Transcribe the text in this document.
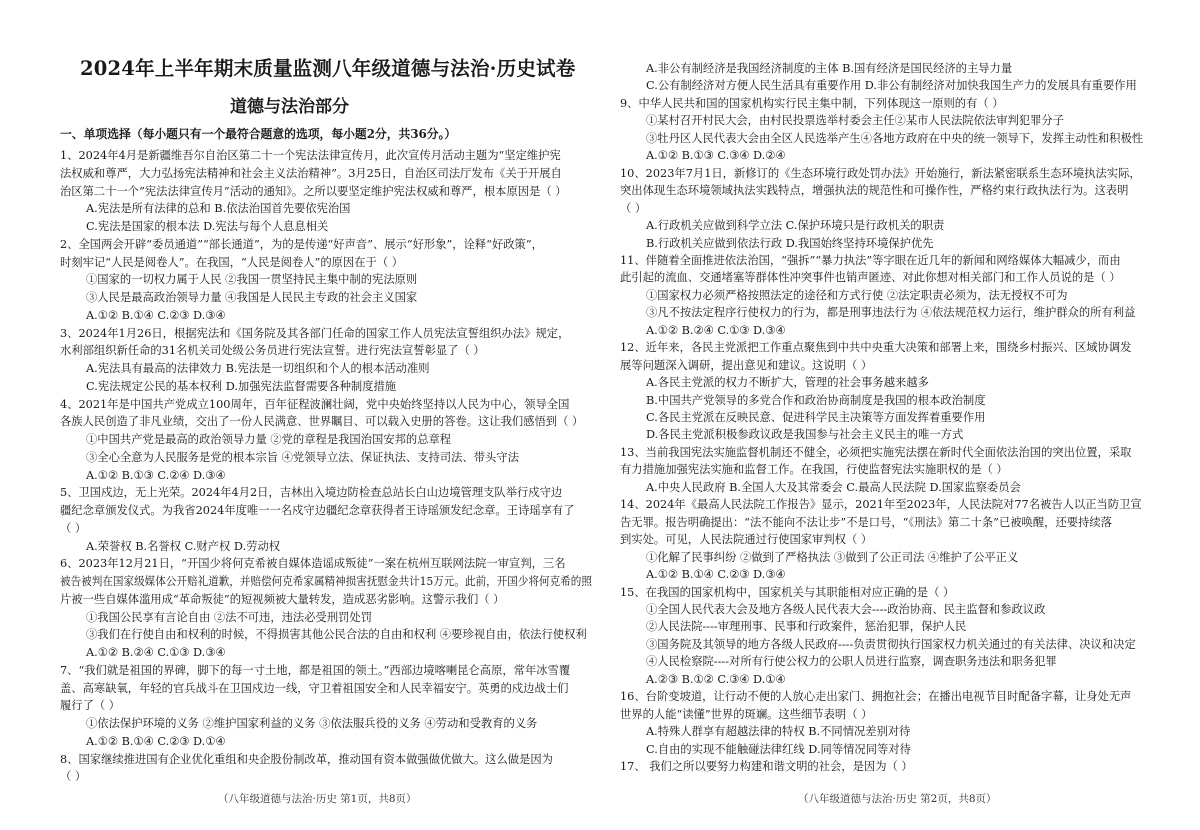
2024年上半年期末质量监测八年级道德与法治·历史试卷
道德与法治部分
一、单项选择（每小题只有一个最符合题意的选项，每小题2分，共36分。）
1、2024年4月是新疆维吾尔自治区第二十一个宪法法律宣传月，此次宣传月活动主题为“坚定维护宪
法权威和尊严，大力弘扬宪法精神和社会主义法治精神”。3月25日，自治区司法厅发布《关于开展自
治区第二十一个”宪法法律宣传月”活动的通知》。之所以要坚定维护宪法权威和尊严，根本原因是（ ）
A.宪法是所有法律的总和 B.依法治国首先要依宪治国
C.宪法是国家的根本法 D.宪法与每个人息息相关
2、全国两会开辟“委员通道”“部长通道”，为的是传递“好声音”、展示“好形象”，诠释“好政策”，
时刻牢记“人民是阅卷人”。在我国，“人民是阅卷人”的原因在于（ ）
①国家的一切权力属于人民 ②我国一贯坚持民主集中制的宪法原则
③人民是最高政治领导力量 ④我国是人民民主专政的社会主义国家
A.①② B.①④ C.②③ D.③④
3、2024年1月26日，根据宪法和《国务院及其各部门任命的国家工作人员宪法宣誓组织办法》规定，
水利部组织新任命的31名机关司处级公务员进行宪法宣誓。进行宪法宣誓彰显了（ ）
A.宪法具有最高的法律效力 B.宪法是一切组织和个人的根本活动准则
C.宪法规定公民的基本权利 D.加强宪法监督需要各种制度措施
4、2021年是中国共产党成立100周年，百年征程波澜壮阔，党中央始终坚持以人民为中心，领导全国
各族人民创造了非凡业绩，交出了一份人民满意、世界瞩目、可以载入史册的答卷。这让我们感悟到（ ）
①中国共产党是最高的政治领导力量 ②党的章程是我国治国安邦的总章程
③全心全意为人民服务是党的根本宗旨 ④党领导立法、保证执法、支持司法、带头守法
A.①② B.①③ C.②④ D.③④
5、卫国戍边，无上光荣。2024年4月2日，吉林出入境边防检查总站长白山边境管理支队举行戍守边
疆纪念章颁发仪式。为我省2024年度唯一一名戍守边疆纪念章获得者王诗瑶颁发纪念章。王诗瑶享有了
（ ）
A.荣誉权 B.名誉权 C.财产权 D.劳动权
6、2023年12月21日，“开国少将何克希被自媒体造谣成叛徒”一案在杭州互联网法院一审宣判，三名
被告被判在国家级媒体公开赔礼道歉，并赔偿何克希家属精神损害抚慰金共计15万元。此前，开国少将何克希的照
片被一些自媒体滥用成“革命叛徒”的短视频被大量转发，造成恶劣影响。这警示我们（ ）
①我国公民享有言论自由 ②法不可违，违法必受刑罚处罚
③我们在行使自由和权利的时候，不得损害其他公民合法的自由和权利 ④要珍视自由，依法行使权利
A.①② B.②④ C.①③ D.③④
7、“我们就是祖国的界碑，脚下的每一寸土地，都是祖国的领土。”西部边境喀喇昆仑高原，常年冰雪覆
盖、高寒缺氧，年轻的官兵战斗在卫国戍边一线，守卫着祖国安全和人民幸福安宁。英勇的戍边战士们
履行了（ ）
①依法保护环境的义务 ②维护国家利益的义务 ③依法服兵役的义务 ④劳动和受教育的义务
A.①② B.①④ C.②③ D.①④
8、国家继续推进国有企业优化重组和央企股份制改革，推动国有资本做强做优做大。这么做是因为
（ ）
（八年级道德与法治·历史 第1页，共8页）
A.非公有制经济是我国经济制度的主体 B.国有经济是国民经济的主导力量
C.公有制经济对方便人民生活具有重要作用 D.非公有制经济对加快我国生产力的发展具有重要作用
9、中华人民共和国的国家机构实行民主集中制，下列体现这一原则的有（ ）
①某村召开村民大会，由村民投票选举村委会主任②某市人民法院依法审判犯罪分子
③牡丹区人民代表大会由全区人民选举产生④各地方政府在中央的统一领导下，发挥主动性和积极性
A.①② B.①③ C.③④ D.②④
10、2023年7月1日，新修订的《生态环境行政处罚办法》开始施行，新法紧密联系生态环境执法实际，
突出体现生态环境领域执法实践特点，增强执法的规范性和可操作性，严格约束行政执法行为。这表明
（ ）
A.行政机关应做到科学立法 C.保护环境只是行政机关的职责
B.行政机关应做到依法行政 D.我国始终坚持环境保护优先
11、伴随着全面推进依法治国，“强拆”“暴力执法”等字眼在近几年的新闻和网络媒体大幅减少，而由
此引起的流血、交通堵塞等群体性冲突事件也销声匿迹、对此你想对相关部门和工作人员说的是（ ）
①国家权力必须严格按照法定的途径和方式行使 ②法定职责必须为，法无授权不可为
③凡不按法定程序行使权力的行为，都是刑事违法行为 ④依法规范权力运行，维护群众的所有利益
A.①② B.②④ C.①③ D.③④
12、近年来，各民主党派把工作重点聚焦到中共中央重大决策和部署上来，围绕乡村振兴、区域协调发
展等问题深入调研，提出意见和建议。这说明（ ）
A.各民主党派的权力不断扩大，管理的社会事务越来越多
B.中国共产党领导的多党合作和政治协商制度是我国的根本政治制度
C.各民主党派在反映民意、促进科学民主决策等方面发挥着重要作用
D.各民主党派积极参政议政是我国参与社会主义民主的唯一方式
13、当前我国宪法实施监督机制还不健全，必须把实施宪法摆在新时代全面依法治国的突出位置，采取
有力措施加强宪法实施和监督工作。在我国，行使监督宪法实施职权的是（ ）
A.中央人民政府 B.全国人大及其常委会 C.最高人民法院 D.国家监察委员会
14、2024年《最高人民法院工作报告》显示，2021年至2023年，人民法院对77名被告人以正当防卫宣
告无罪。报告明确提出：“法不能向不法让步”不是口号，“《刑法》第二十条”已被唤醒，还要持续落
到实处。可见，人民法院通过行使国家审判权（ ）
①化解了民事纠纷 ②做到了严格执法 ③做到了公正司法 ④维护了公平正义
A.①② B.①④ C.②③ D.③④
15、在我国的国家机构中，国家机关与其职能相对应正确的是（ ）
①全国人民代表大会及地方各级人民代表大会----政治协商、民主监督和参政议政
②人民法院----审理刑事、民事和行政案件，惩治犯罪，保护人民
③国务院及其领导的地方各级人民政府----负责贯彻执行国家权力机关通过的有关法律、决议和决定
④人民检察院----对所有行使公权力的公职人员进行监察，调查职务违法和职务犯罪
A.②③ B.①② C.③④ D.①④
16、台阶变坡道，让行动不便的人放心走出家门、拥抱社会；在播出电视节目时配备字幕，让身处无声
世界的人能“读懂”世界的斑斓。这些细节表明（ ）
A.特殊人群享有超越法律的特权 B.不同情况差别对待
C.自由的实现不能触碰法律红线 D.同等情况同等对待
17、 我们之所以要努力构建和谐文明的社会，是因为（ ）
（八年级道德与法治·历史 第2页，共8页）
